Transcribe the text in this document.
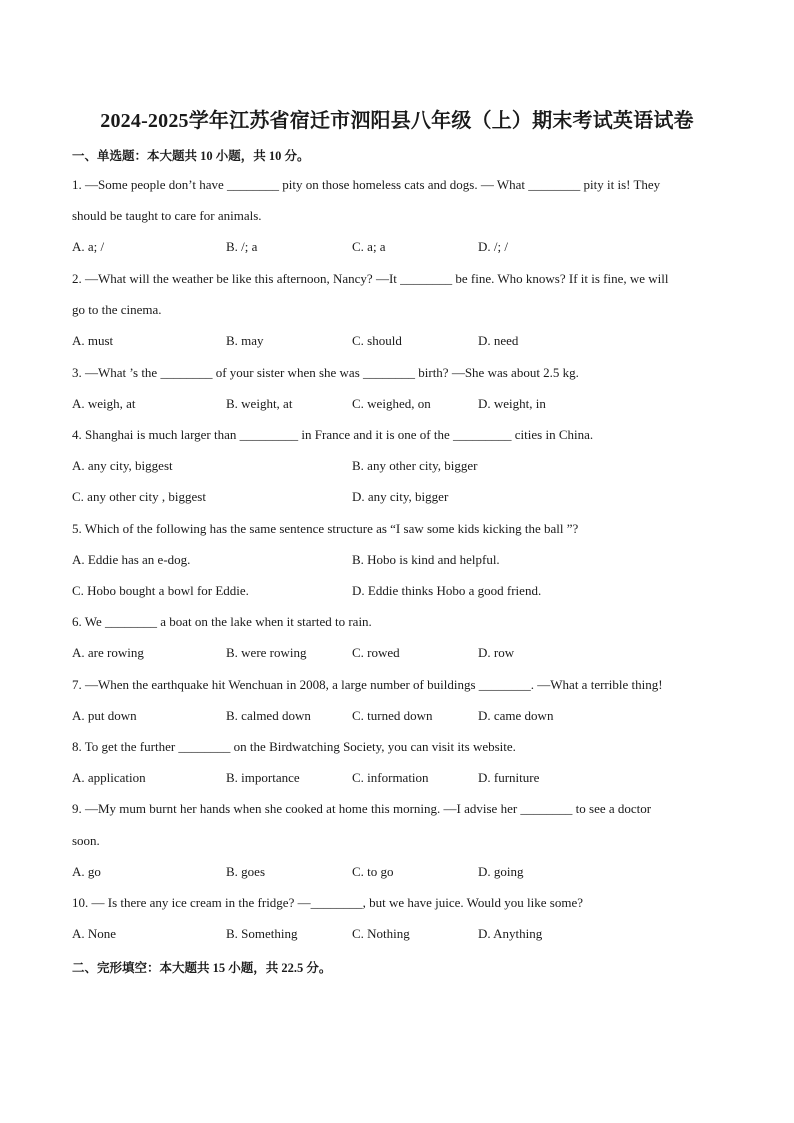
2024-2025学年江苏省宿迁市泗阳县八年级（上）期末考试英语试卷
一、单选题：本大题共 10 小题，共 10 分。
1. —Some people don’t have ________ pity on those homeless cats and dogs. — What ________ pity it is! They
should be taught to care for animals.
A. a; /	B. /; a	C. a; a	D. /; /
2. —What will the weather be like this afternoon, Nancy? —It ________ be fine. Who knows? If it is fine, we will
go to the cinema.
A. must	B. may	C. should	D. need
3. —What ’s the ________ of your sister when she was ________ birth? —She was about 2.5 kg.
A. weigh, at	B. weight, at	C. weighed, on	D. weight, in
4. Shanghai is much larger than _________ in France and it is one of the _________ cities in China.
A. any city, biggest	B. any other city, bigger
C. any other city , biggest	D. any city, bigger
5. Which of the following has the same sentence structure as “I saw some kids kicking the ball ”?
A. Eddie has an e-dog.	B. Hobo is kind and helpful.
C. Hobo bought a bowl for Eddie.	D. Eddie thinks Hobo a good friend.
6. We ________ a boat on the lake when it started to rain.
A. are rowing	B. were rowing	C. rowed	D. row
7. —When the earthquake hit Wenchuan in 2008, a large number of buildings ________. —What a terrible thing!
A. put down	B. calmed down	C. turned down	D. came down
8. To get the further ________ on the Birdwatching Society, you can visit its website.
A. application	B. importance	C. information	D. furniture
9. —My mum burnt her hands when she cooked at home this morning. —I advise her ________ to see a doctor
soon.
A. go	B. goes	C. to go	D. going
10. — Is there any ice cream in the fridge? —________, but we have juice. Would you like some?
A. None	B. Something	C. Nothing	D. Anything
二、完形填空：本大题共 15 小题，共 22.5 分。
